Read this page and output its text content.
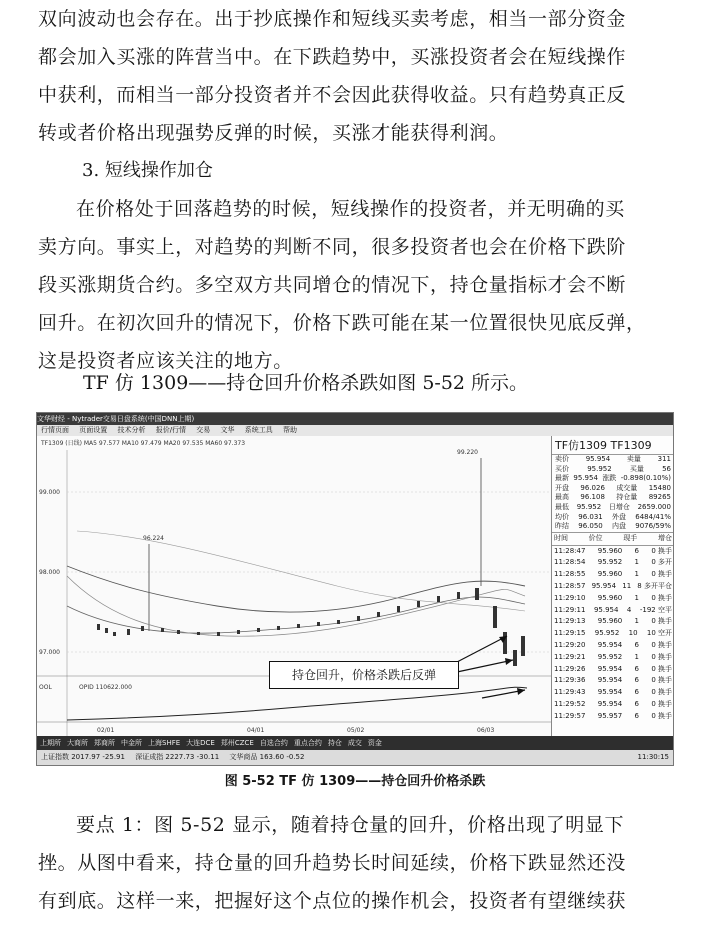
双向波动也会存在。出于抄底操作和短线买卖考虑，相当一部分资金

都会加入买涨的阵营当中。在下跌趋势中，买涨投资者会在短线操作

中获利，而相当一部分投资者并不会因此获得收益。只有趋势真正反

转或者价格出现强势反弹的时候，买涨才能获得利润。

3. 短线操作加仓

在价格处于回落趋势的时候，短线操作的投资者，并无明确的买

卖方向。事实上，对趋势的判断不同，很多投资者也会在价格下跌阶

段买涨期货合约。多空双方共同增仓的情况下，持仓量指标才会不断

回升。在初次回升的情况下，价格下跌可能在某一位置很快见底反弹，

这是投资者应该关注的地方。

TF 仿 1309——持仓回升价格杀跌如图 5-52 所示。

文华财经 - Nytrader交易日盘系统(中国DNN上期)
行情页面 页面设置 技术分析 报价/行情 交易 文华 系统工具 帮助
TF1309 (日线) MA5 97.577 MA10 97.479 MA20 97.535 MA60 97.373
99.000
98.000
97.000
99.220
96.224
OPID 110622.000
OOL
02/01	04/01	05/02	06/03
持仓回升，价格杀跌后反弹
TF仿1309 TF1309
卖价 95.954 卖量 311
买价	95.952	买量	56
最新 95.954 涨跌 -0.898(0.10%)
开盘 96.026 成交量 15480
最高 96.108 持仓量 89265
最低 95.952 日增仓 2659.000
均价 96.031 外盘 6484/41%
昨结 96.050 内盘 9076/59%
时间	价位	现手	增仓
11:28:47 95.960 6 0 换手
11:28:54 95.952 1 0 多开
11:28:55 95.960 1 0 换手
11:28:57 95.954 11 8 多开平仓
11:29:10 95.960 1 0 换手
11:29:11 95.954 4 -192 空平
11:29:13 95.960 1 0 换手
11:29:15 95.952 10 10 空开
11:29:20 95.954 6 0 换手
11:29:21 95.952 1 0 换手
11:29:26 95.954 6 0 换手
11:29:36 95.954 6 0 换手
11:29:43 95.954 6 0 换手
11:29:52 95.954 6 0 换手
11:29:57 95.957 6 0 换手
上期所 大商所 郑商所 中金所 上海SHFE 大连DCE 郑州CZCE 自选合约 重点合约 持仓 成交 资金
上证指数 2017.97 -25.91 深证成指 2227.73 -30.11 文华商品 163.60 -0.52	11:30:15
图 5-52 TF 仿 1309——持仓回升价格杀跌

要点 1：图 5-52 显示，随着持仓量的回升，价格出现了明显下

挫。从图中看来，持仓量的回升趋势长时间延续，价格下跌显然还没

有到底。这样一来，把握好这个点位的操作机会，投资者有望继续获
